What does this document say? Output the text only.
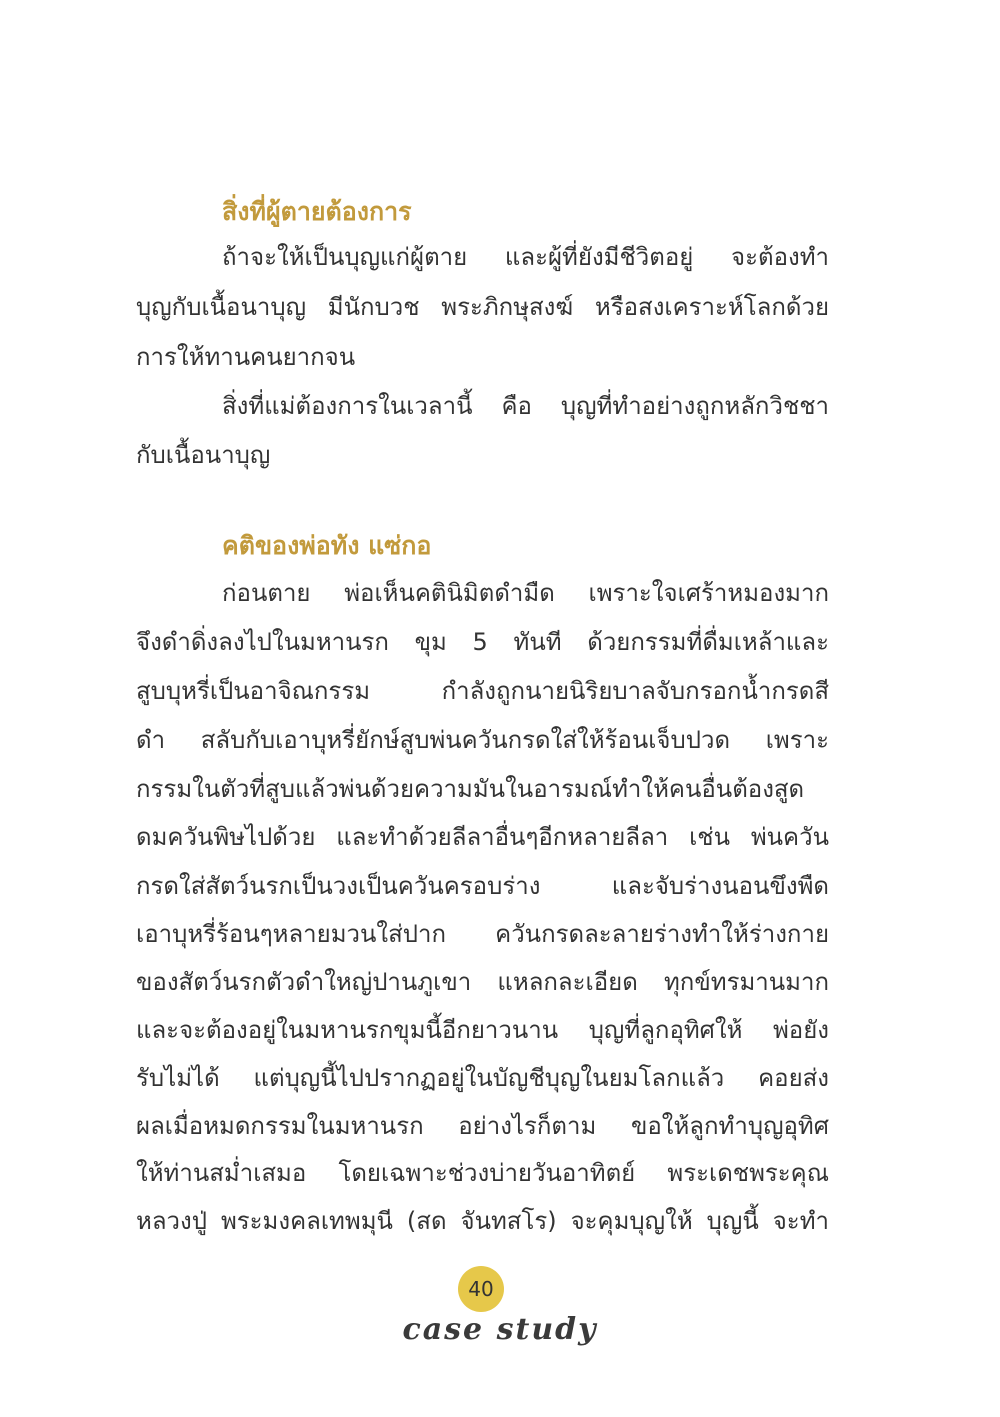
สิ่งที่ผู้ตายต้องการ
ถ้าจะให้เป็นบุญแก่ผู้ตาย และผู้ที่ยังมีชีวิตอยู่ จะต้องทำ
บุญกับเนื้อนาบุญ มีนักบวช พระภิกษุสงฆ์ หรือสงเคราะห์โลกด้วย
การให้ทานคนยากจน
สิ่งที่แม่ต้องการในเวลานี้ คือ บุญที่ทำอย่างถูกหลักวิชชา
กับเนื้อนาบุญ
คติของพ่อทัง แซ่กอ
ก่อนตาย พ่อเห็นคตินิมิตดำมืด เพราะใจเศร้าหมองมาก
จึงดำดิ่งลงไปในมหานรก ขุม 5 ทันที ด้วยกรรมที่ดื่มเหล้าและ
สูบบุหรี่เป็นอาจิณกรรม กำลังถูกนายนิริยบาลจับกรอกน้ำกรดสี
ดำ สลับกับเอาบุหรี่ยักษ์สูบพ่นควันกรดใส่ให้ร้อนเจ็บปวด เพราะ
กรรมในตัวที่สูบแล้วพ่นด้วยความมันในอารมณ์ทำให้คนอื่นต้องสูด
ดมควันพิษไปด้วย และทำด้วยลีลาอื่นๆอีกหลายลีลา เช่น พ่นควัน
กรดใส่สัตว์นรกเป็นวงเป็นควันครอบร่าง และจับร่างนอนขึงพืด
เอาบุหรี่ร้อนๆหลายมวนใส่ปาก ควันกรดละลายร่างทำให้ร่างกาย
ของสัตว์นรกตัวดำใหญ่ปานภูเขา แหลกละเอียด ทุกข์ทรมานมาก
และจะต้องอยู่ในมหานรกขุมนี้อีกยาวนาน บุญที่ลูกอุทิศให้ พ่อยัง
รับไม่ได้ แต่บุญนี้ไปปรากฏอยู่ในบัญชีบุญในยมโลกแล้ว คอยส่ง
ผลเมื่อหมดกรรมในมหานรก อย่างไรก็ตาม ขอให้ลูกทำบุญอุทิศ
ให้ท่านสม่ำเสมอ โดยเฉพาะช่วงบ่ายวันอาทิตย์ พระเดชพระคุณ
หลวงปู่ พระมงคลเทพมุนี (สด จันทสโร) จะคุมบุญให้ บุญนี้ จะทำ
40
case study
